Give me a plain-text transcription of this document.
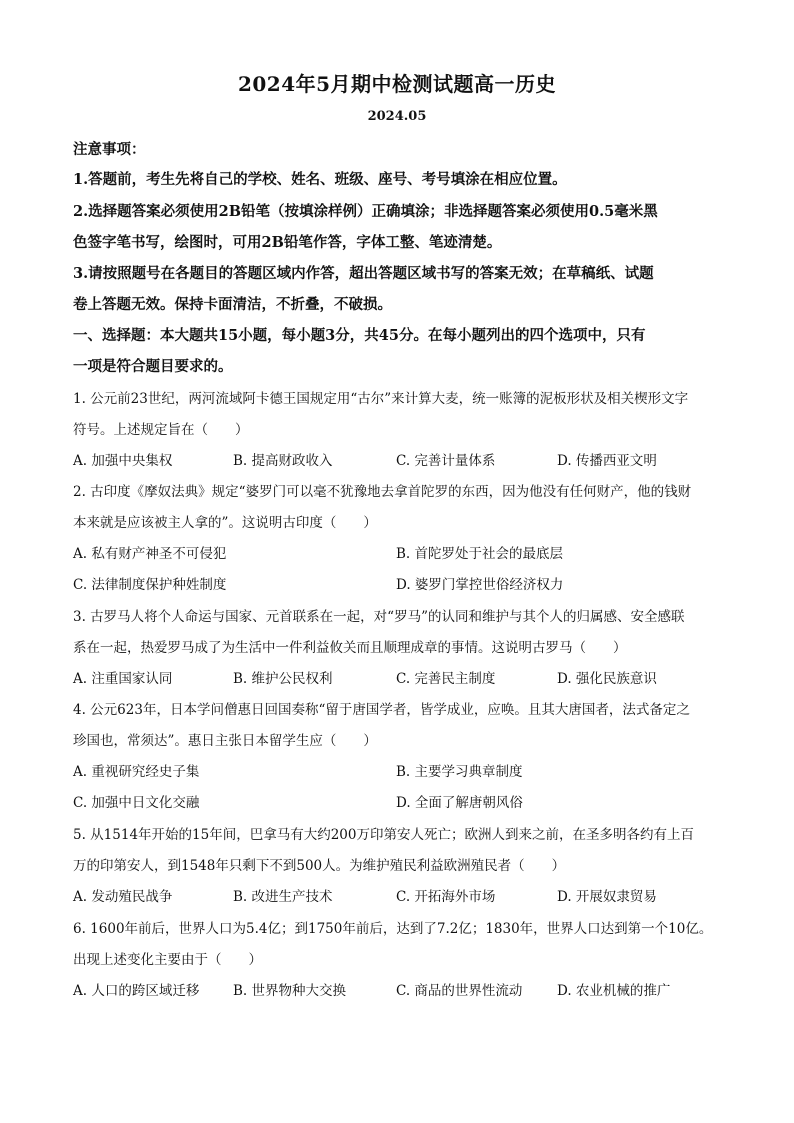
2024年5月期中检测试题高一历史
2024.05
注意事项：
1.答题前，考生先将自己的学校、姓名、班级、座号、考号填涂在相应位置。
2.选择题答案必须使用2B铅笔（按填涂样例）正确填涂；非选择题答案必须使用0.5毫米黑
色签字笔书写，绘图时，可用2B铅笔作答，字体工整、笔迹清楚。
3.请按照题号在各题目的答题区域内作答，超出答题区域书写的答案无效；在草稿纸、试题
卷上答题无效。保持卡面清洁，不折叠，不破损。
一、选择题：本大题共15小题，每小题3分，共45分。在每小题列出的四个选项中，只有
一项是符合题目要求的。
1. 公元前23世纪，两河流域阿卡德王国规定用“古尔”来计算大麦，统一账簿的泥板形状及相关楔形文字
符号。上述规定旨在（　　）
A. 加强中央集权	B. 提高财政收入	C. 完善计量体系	D. 传播西亚文明
2. 古印度《摩奴法典》规定“婆罗门可以毫不犹豫地去拿首陀罗的东西，因为他没有任何财产，他的钱财
本来就是应该被主人拿的”。这说明古印度（　　）
A. 私有财产神圣不可侵犯	B. 首陀罗处于社会的最底层
C. 法律制度保护种姓制度	D. 婆罗门掌控世俗经济权力
3. 古罗马人将个人命运与国家、元首联系在一起，对“罗马”的认同和维护与其个人的归属感、安全感联
系在一起，热爱罗马成了为生活中一件利益攸关而且顺理成章的事情。这说明古罗马（　　）
A. 注重国家认同	B. 维护公民权利	C. 完善民主制度	D. 强化民族意识
4. 公元623年，日本学问僧惠日回国奏称“留于唐国学者，皆学成业，应唤。且其大唐国者，法式备定之
珍国也，常须达”。惠日主张日本留学生应（　　）
A. 重视研究经史子集	B. 主要学习典章制度
C. 加强中日文化交融	D. 全面了解唐朝风俗
5. 从1514年开始的15年间，巴拿马有大约200万印第安人死亡；欧洲人到来之前，在圣多明各约有上百
万的印第安人，到1548年只剩下不到500人。为维护殖民利益欧洲殖民者（　　）
A. 发动殖民战争	B. 改进生产技术	C. 开拓海外市场	D. 开展奴隶贸易
6. 1600年前后，世界人口为5.4亿；到1750年前后，达到了7.2亿；1830年，世界人口达到第一个10亿。
出现上述变化主要由于（　　）
A. 人口的跨区域迁移 B. 世界物种大交换	C. 商品的世界性流动	D. 农业机械的推广
